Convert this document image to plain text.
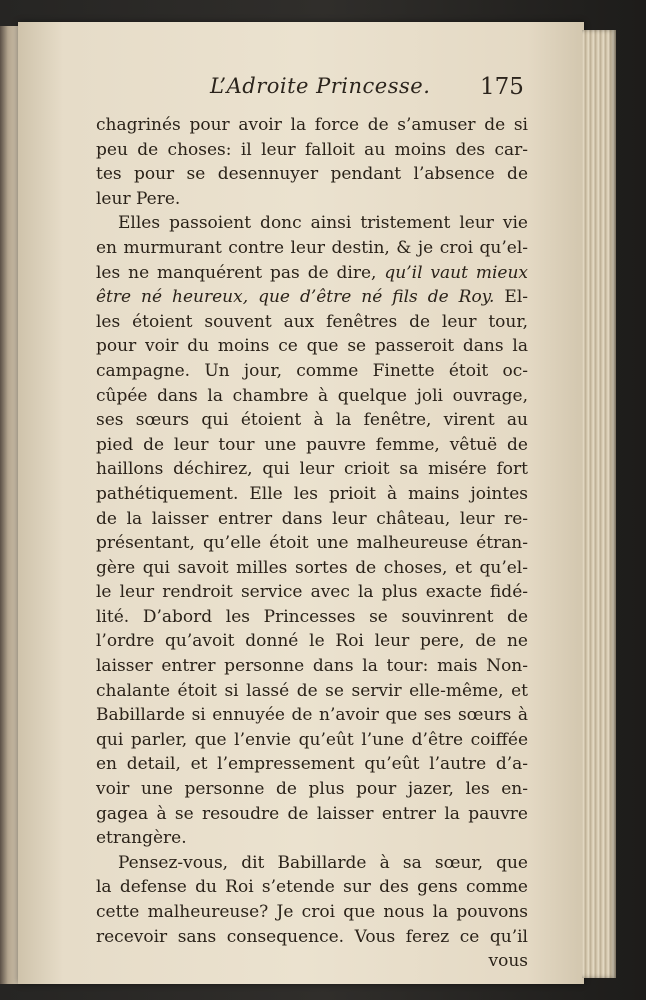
L’Adroite Princesse. 175
chagrinés pour avoir la force de s’amuser de si
peu de choses: il leur falloit au moins des car-
tes pour se desennuyer pendant l’absence de
leur Pere.
Elles passoient donc ainsi tristement leur vie
en murmurant contre leur destin, & je croi qu’el-
les ne manquérent pas de dire, qu’il vaut mieux
être né heureux, que d’être né fils de Roy. El-
les étoient souvent aux fenêtres de leur tour,
pour voir du moins ce que se passeroit dans la
campagne. Un jour, comme Finette étoit oc-
cûpée dans la chambre à quelque joli ouvrage,
ses sœurs qui étoient à la fenêtre, virent au
pied de leur tour une pauvre femme, vêtuë de
haillons déchirez, qui leur crioit sa misére fort
pathétiquement. Elle les prioit à mains jointes
de la laisser entrer dans leur château, leur re-
présentant, qu’elle étoit une malheureuse étran-
gère qui savoit milles sortes de choses, et qu’el-
le leur rendroit service avec la plus exacte fidé-
lité. D’abord les Princesses se souvinrent de
l’ordre qu’avoit donné le Roi leur pere, de ne
laisser entrer personne dans la tour: mais Non-
chalante étoit si lassé de se servir elle-même, et
Babillarde si ennuyée de n’avoir que ses sœurs à
qui parler, que l’envie qu’eût l’une d’être coiffée
en detail, et l’empressement qu’eût l’autre d’a-
voir une personne de plus pour jazer, les en-
gagea à se resoudre de laisser entrer la pauvre
etrangère.
Pensez-vous, dit Babillarde à sa sœur, que
la defense du Roi s’etende sur des gens comme
cette malheureuse? Je croi que nous la pouvons
recevoir sans consequence. Vous ferez ce qu’il
vous
